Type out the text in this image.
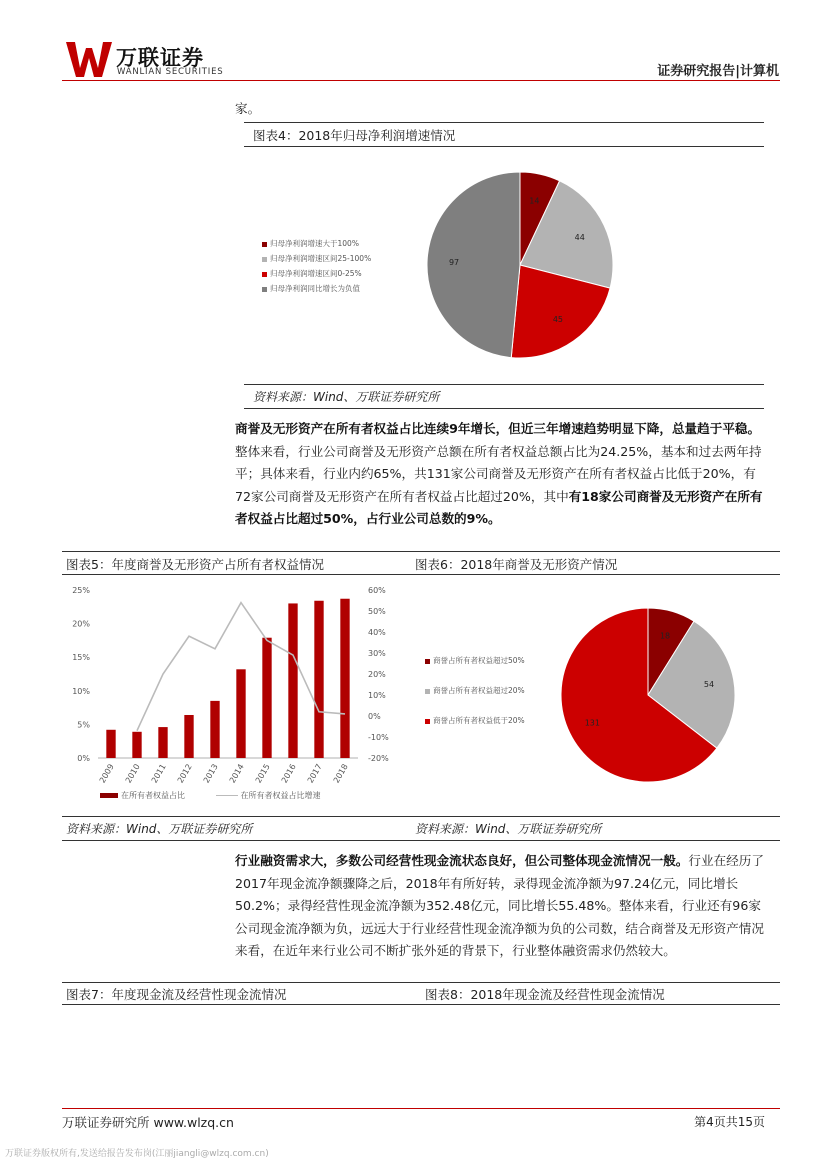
万联证券
WANLIAN SECURITIES	证券研究报告|计算机
家。
图表4：2018年归母净利润增速情况
14
44
45
97
归母净利润增速大于100%
归母净利润增速区间25-100%
归母净利润增速区间0-25%
归母净利润同比增长为负值
资料来源：Wind、万联证券研究所
商誉及无形资产在所有者权益占比连续9年增长，但近三年增速趋势明显下降，总量趋于平稳。整体来看，行业公司商誉及无形资产总额在所有者权益总额占比为24.25%，基本和过去两年持平；具体来看，行业内约65%，共131家公司商誉及无形资产在所有者权益占比低于20%，有72家公司商誉及无形资产在所有者权益占比超过20%，其中有18家公司商誉及无形资产在所有者权益占比超过50%，占行业公司总数的9%。
图表5：年度商誉及无形资产占所有者权益情况	图表6：2018年商誉及无形资产情况
25%
20%
15%
10%
5%
0%
60%
50%
40%
30%
20%
10%
0%
-10%
-20%
2009 2010 2011 2012 2013 2014 2015 2016 2017 2018
在所有者权益占比	在所有者权益占比增速
18
54
131
商誉占所有者权益超过50%
商誉占所有者权益超过20%
商誉占所有者权益低于20%
资料来源：Wind、万联证券研究所	资料来源：Wind、万联证券研究所
行业融资需求大，多数公司经营性现金流状态良好，但公司整体现金流情况一般。行业在经历了2017年现金流净额骤降之后，2018年有所好转，录得现金流净额为97.24亿元，同比增长50.2%；录得经营性现金流净额为352.48亿元，同比增长55.48%。整体来看，行业还有96家公司现金流净额为负，远远大于行业经营性现金流净额为负的公司数，结合商誉及无形资产情况来看，在近年来行业公司不断扩张外延的背景下，行业整体融资需求仍然较大。
图表7：年度现金流及经营性现金流情况	图表8：2018年现金流及经营性现金流情况
万联证券研究所 www.wlzq.cn	第4页共15页
万联证券版权所有,发送给报告发布岗(江丽jiangli@wlzq.com.cn)
